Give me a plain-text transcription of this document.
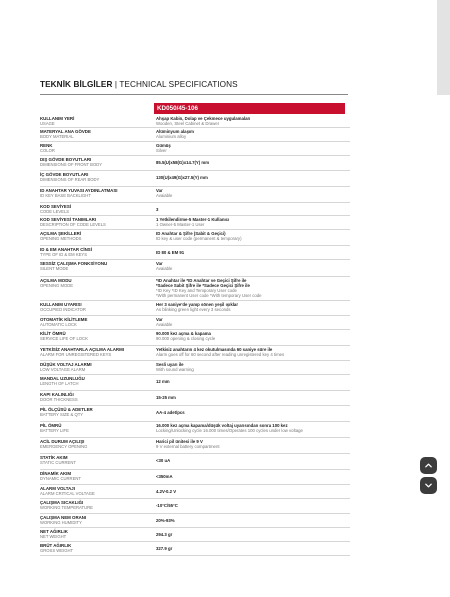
TEKNİK BİLGİLER | TECHNICAL SPECIFICATIONS
KD050/45-106
KULLANIM YERİ
USAGE
Ahşap Kabin, Dolap ve Çekmece uygulamaları
Wooden, Steel Cabinet & Drawer
MATERYAL ANA GÖVDE
BODY MATERIAL
Alüminyum alaşım
Aluminium alloy
RENK
COLOR
Gümüş
Silver
DIŞ GÖVDE BOYUTLARI
DIMENSIONS OF FRONT BODY
85.5(U)x58(G)x14.7(Y) mm
İÇ GÖVDE BOYUTLARI
DIMENSIONS OF REAR BODY
130(U)x49(G)x27.5(Y) mm
ID ANAHTAR YUVASI AYDINLATMASI
ID KEY BASE BACKLIGHT
Var
Avaiable
KOD SEVİYESİ
CODE LEVELS
3
KOD SEVİYESİ TANIMLARI
DESCRIPTION OF CODE LEVELS
1 Yetkilendirme-5 Master-1 Kullanıcı
1 Owner-5 Master-1 User
AÇILMA ŞEKİLLERİ
OPENING METHODS
ID Anahtar & Şifre (Sabit & Geçici)
ID key & user code (permanent & temporary)
ID & EM ANAHTAR CİNSİ
TYPE OF ID & EM KEYS
ID 80 & EM 91
SESSİZ ÇALIŞMA FONKSİYONU
SILENT MODE
Var
Avaiable
AÇILMA MODU
OPENING MODE
*ID Anahtar ile *ID Anahtar ve Geçici Şifre ile
*Sadece Sabit Şifre ile *Sadece Geçici Şifre ile
*ID Key *ID Key and Temporary User code
*With permanent User code *With temporary User code
KULLANIM UYARISI
OCCUPIED INDICATOR
Her 3 saniye'de yanıp sönen yeşil ışıklar
As blinking green light every 3 seconds
OTOMATİK KİLİTLEME
AUTOMATIC LOCK
Var
Avaiable
KİLİT ÖMRÜ
SERVICE LIFE OF LOCK
90.000 kez açma & kapama
90.000 opening & closing cycle
YETKİSİZ ANAHTARLA AÇILMA ALARMI
ALARM FOR UNREGISTERED KEYS
Yetkisiz anahtarın 4 kez okutulmasında 60 saniye süre ile
Alarm goes off for 60 second after reading unregistered key 4 times
DÜŞÜK VOLTAJ ALARMI
LOW VOLTAGE ALARM
Sesli uyarı ile
With sound warning
MANDAL UZUNLUĞU
LENGTH OF LATCH
12 mm
KAPI KALINLIĞI
DOOR THICKNESS
15-25 mm
PİL ÖLÇÜSÜ & ADETLER
BATTERY SIZE & QTY
AA-4 adet/pcs
PİL ÖMRÜ
BATTERY LIFE
16.000 kez açma kapama/düşük voltaj uyarısından sonra 100 kez
Locking/Unlocking cycle 16.000 times/Operates 100 cycles under low voltage
ACİL DURUM AÇILIŞI
EMERGENCY OPENING
Harici pil ünitesi ile 9 V
9 V external battery compartment
STATİK AKIM
STATIC CURRENT
<30 uA
DİNAMİK AKIM
DYNAMIC CURRENT
<350mA
ALARM VOLTAJI
ALARM CRITICAL VOLTAGE
4.2V-0.2 V
ÇALIŞMA SICAKLIĞI
WORKING TEMPERATURE
-10°C/55°C
ÇALIŞMA NEM ORANI
WORKING HUMIDITY
20%-93%
NET AĞIRLIK
NET WEIGHT
294.3 gr
BRÜT AĞIRLIK
GROSS WEIGHT
327.9 gr
